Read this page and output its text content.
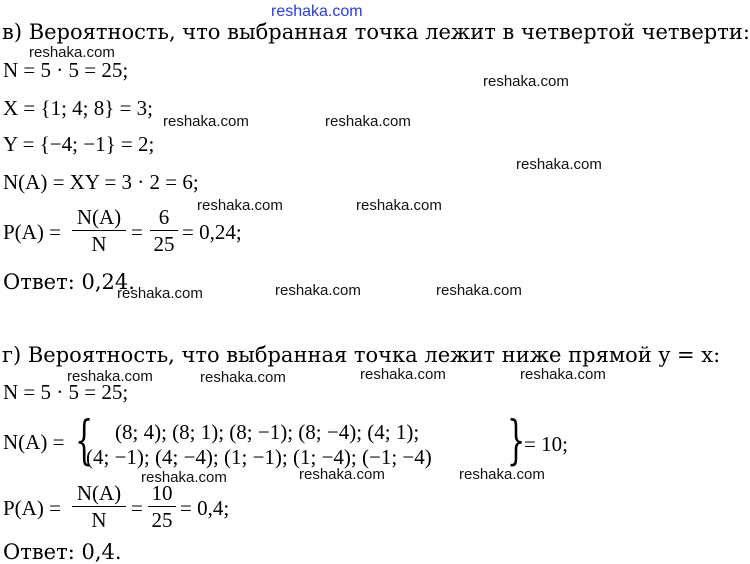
reshaka.com
в) Вероятность, что выбранная точка лежит в четвертой четверти:
N = 5 · 5 = 25;
X = {1; 4; 8} = 3;
Y = {−4; −1} = 2;
N(A) = XY = 3 · 2 = 6;
P(A) =
N(A)
N	=
6
25 = 0,24;
Ответ: 0,24.
г) Вероятность, что выбранная точка лежит ниже прямой y = x:
N = 5 · 5 = 25;
N(A) = { (8; 4); (8; 1); (8; −1); (8; −4); (4; 1);
(4; −1); (4; −4); (1; −1); (1; −4); (−1; −4) }
= 10;
P(A) =
N(A)
N	=
10
25 = 0,4;
Ответ: 0,4.
reshaka.com
reshaka.com
reshaka.com	reshaka.com
reshaka.com
reshaka.com	reshaka.com
reshaka.com	reshaka.com	reshaka.com
reshaka.com	reshaka.com	reshaka.com	reshaka.com
reshaka.com	reshaka.com	reshaka.com
